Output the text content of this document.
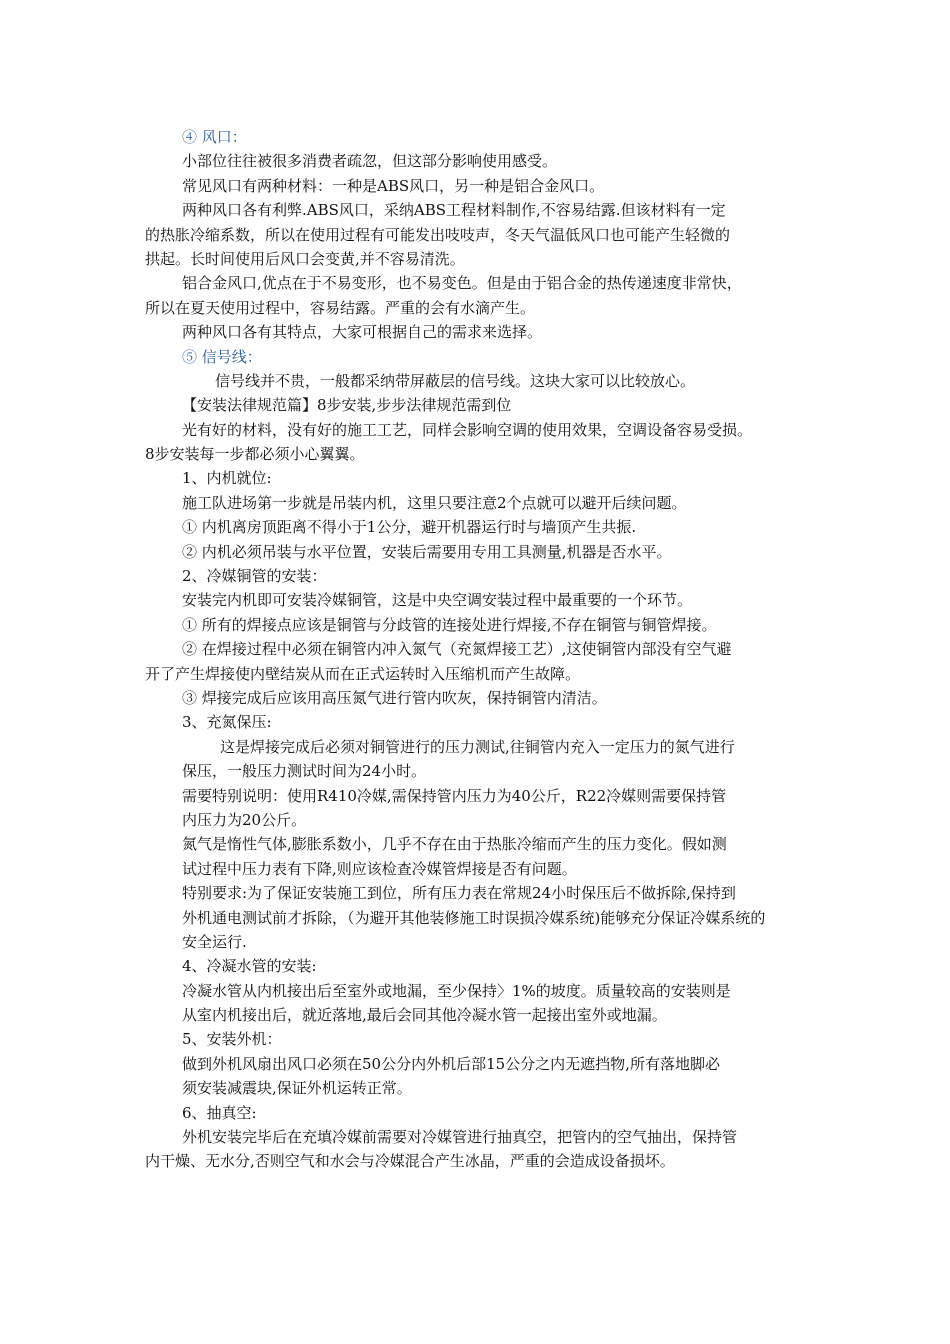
④ 风口：
小部位往往被很多消费者疏忽，但这部分影响使用感受。
常见风口有两种材料：一种是ABS风口，另一种是铝合金风口。
两种风口各有利弊.ABS风口，采纳ABS工程材料制作,不容易结露.但该材料有一定
的热胀冷缩系数，所以在使用过程有可能发出吱吱声，冬天气温低风口也可能产生轻微的
拱起。长时间使用后风口会变黄,并不容易清洗。
铝合金风口,优点在于不易变形，也不易变色。但是由于铝合金的热传递速度非常快，
所以在夏天使用过程中，容易结露。严重的会有水滴产生。
两种风口各有其特点，大家可根据自己的需求来选择。
⑤ 信号线：
信号线并不贵，一般都采纳带屏蔽层的信号线。这块大家可以比较放心。
【安装法律规范篇】8步安装,步步法律规范需到位
光有好的材料，没有好的施工工艺，同样会影响空调的使用效果，空调设备容易受损。
8步安装每一步都必须小心翼翼。
1、内机就位:
施工队进场第一步就是吊装内机，这里只要注意2个点就可以避开后续问题。
① 内机离房顶距离不得小于1公分，避开机器运行时与墙顶产生共振.
② 内机必须吊装与水平位置，安装后需要用专用工具测量,机器是否水平。
2、冷媒铜管的安装：
安装完内机即可安装冷媒铜管，这是中央空调安装过程中最重要的一个环节。
① 所有的焊接点应该是铜管与分歧管的连接处进行焊接,不存在铜管与铜管焊接。
② 在焊接过程中必须在铜管内冲入氮气（充氮焊接工艺）,这使铜管内部没有空气避
开了产生焊接使内壁结炭从而在正式运转时入压缩机而产生故障。
③ 焊接完成后应该用高压氮气进行管内吹灰，保持铜管内清洁。
3、充氮保压:
这是焊接完成后必须对铜管进行的压力测试,往铜管内充入一定压力的氮气进行
保压，一般压力测试时间为24小时。
需要特别说明：使用R410冷媒,需保持管内压力为40公斤，R22冷媒则需要保持管
内压力为20公斤。
氮气是惰性气体,膨胀系数小，几乎不存在由于热胀冷缩而产生的压力变化。假如测
试过程中压力表有下降,则应该检查冷媒管焊接是否有问题。
特别要求:为了保证安装施工到位，所有压力表在常规24小时保压后不做拆除,保持到
外机通电测试前才拆除，（为避开其他装修施工时误损冷媒系统)能够充分保证冷媒系统的
安全运行.
4、冷凝水管的安装:
冷凝水管从内机接出后至室外或地漏，至少保持〉1%的坡度。质量较高的安装则是
从室内机接出后，就近落地,最后会同其他冷凝水管一起接出室外或地漏。
5、安装外机：
做到外机风扇出风口必须在50公分内外机后部15公分之内无遮挡物,所有落地脚必
须安装减震块,保证外机运转正常。
6、抽真空:
外机安装完毕后在充填冷媒前需要对冷媒管进行抽真空，把管内的空气抽出，保持管
内干燥、无水分,否则空气和水会与冷媒混合产生冰晶，严重的会造成设备损坏。
